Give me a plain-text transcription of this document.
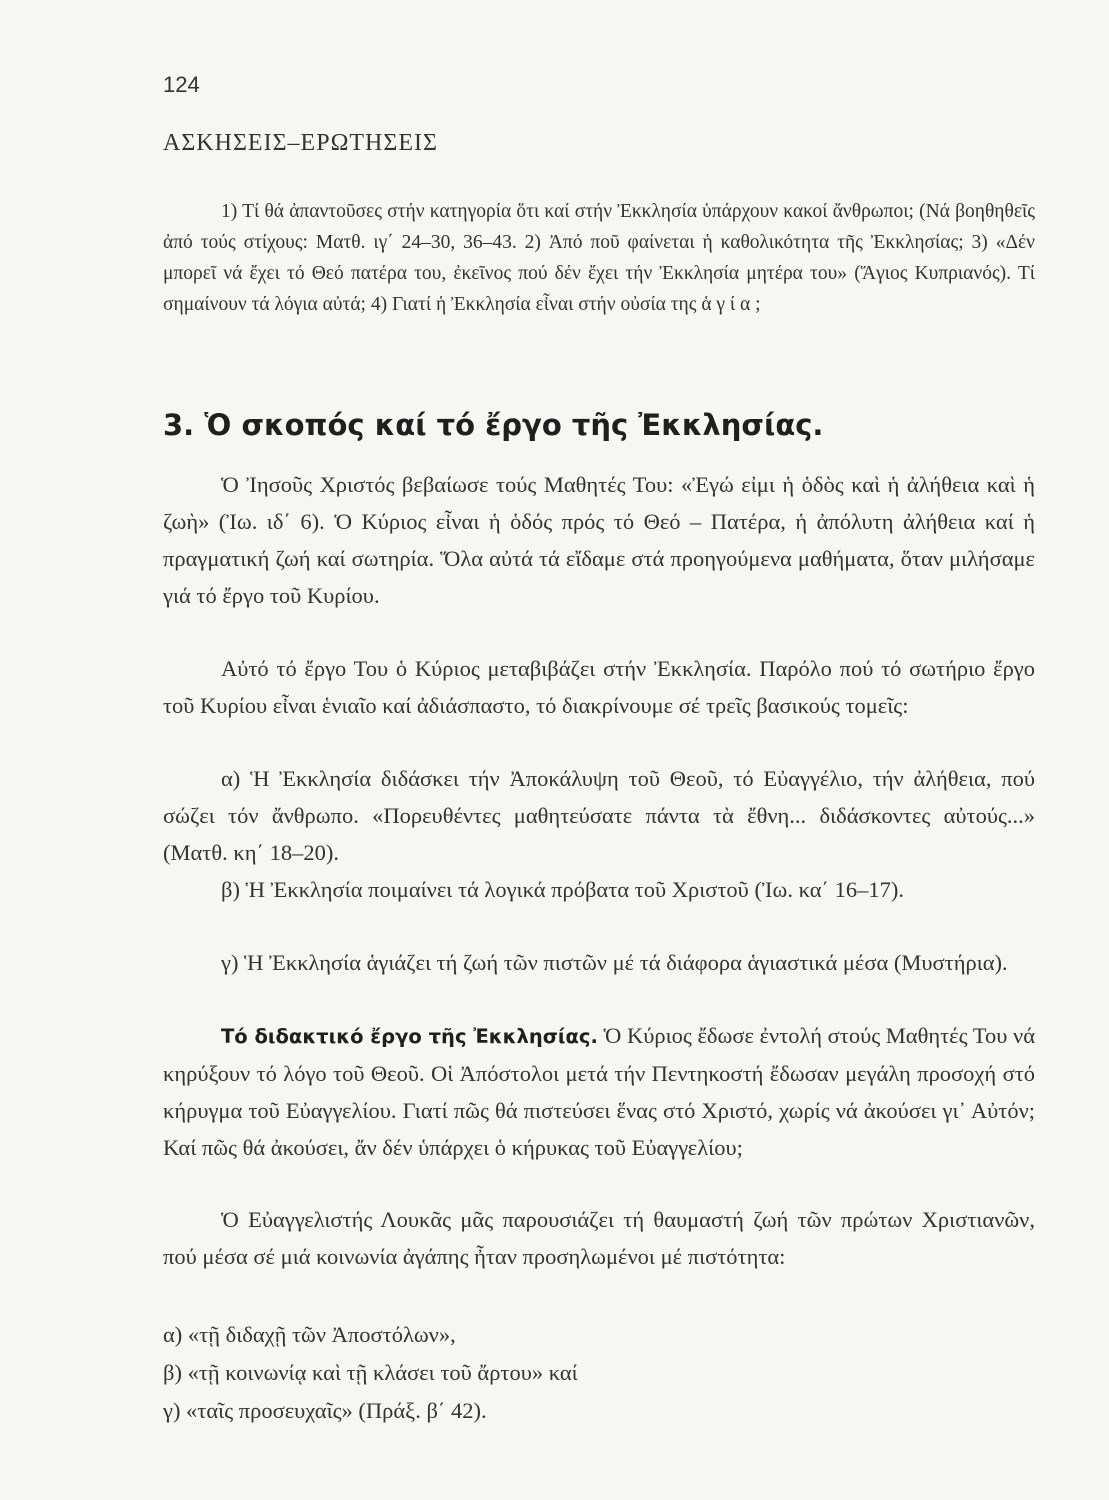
124
ΑΣΚΗΣΕΙΣ–ΕΡΩΤΗΣΕΙΣ

1) Τί θά ἀπαντοῦσες στήν κατηγορία ὅτι καί στήν Ἐκκλησία ὑπάρχουν κακοί ἄνθρωποι; (Νά βοηθηθεῖς ἀπό τούς στίχους: Ματθ. ιγ΄ 24–30, 36–43. 2) Ἀπό ποῦ φαίνεται ἡ καθολικότητα τῆς Ἐκκλησίας; 3) «Δέν μπορεῖ νά ἔχει τό Θεό πατέρα του, ἐκεῖνος πού δέν ἔχει τήν Ἐκκλησία μητέρα του» (Ἅγιος Κυπριανός). Τί σημαίνουν τά λόγια αὐτά; 4) Γιατί ἡ Ἐκκλησία εἶναι στήν οὐσία της ἁ γ ί α ;

3. Ὁ σκοπός καί τό ἔργο τῆς Ἐκκλησίας.

Ὁ Ἰησοῦς Χριστός βεβαίωσε τούς Μαθητές Του: «Ἐγώ εἰμι ἡ ὁδὸς καὶ ἡ ἀλήθεια καὶ ἡ ζωὴ» (Ἰω. ιδ΄ 6). Ὁ Κύριος εἶναι ἡ ὁδός πρός τό Θεό – Πατέρα, ἡ ἀπόλυτη ἀλήθεια καί ἡ πραγματική ζωή καί σωτηρία. Ὅλα αὐτά τά εἴδαμε στά προηγούμενα μαθήματα, ὅταν μιλήσαμε γιά τό ἔργο τοῦ Κυρίου.

Αὐτό τό ἔργο Του ὁ Κύριος μεταβιβάζει στήν Ἐκκλησία. Παρόλο πού τό σωτήριο ἔργο τοῦ Κυρίου εἶναι ἑνιαῖο καί ἀδιάσπαστο, τό διακρίνουμε σέ τρεῖς βασικούς τομεῖς:

α) Ἡ Ἐκκλησία διδάσκει τήν Ἀποκάλυψη τοῦ Θεοῦ, τό Εὐαγγέλιο, τήν ἀλήθεια, πού σώζει τόν ἄνθρωπο. «Πορευθέντες μαθητεύσατε πάντα τὰ ἔθνη... διδάσκοντες αὐτούς...» (Ματθ. κη΄ 18–20).

β) Ἡ Ἐκκλησία ποιμαίνει τά λογικά πρόβατα τοῦ Χριστοῦ (Ἰω. κα΄ 16–17).

γ) Ἡ Ἐκκλησία ἁγιάζει τή ζωή τῶν πιστῶν μέ τά διάφορα ἁγιαστικά μέσα (Μυστήρια).

Τό διδακτικό ἔργο τῆς Ἐκκλησίας. Ὁ Κύριος ἔδωσε ἐντολή στούς Μαθητές Του νά κηρύξουν τό λόγο τοῦ Θεοῦ. Οἱ Ἀπόστολοι μετά τήν Πεντηκοστή ἔδωσαν μεγάλη προσοχή στό κήρυγμα τοῦ Εὐαγγελίου. Γιατί πῶς θά πιστεύσει ἕνας στό Χριστό, χωρίς νά ἀκούσει γι᾽ Αὐτόν; Καί πῶς θά ἀκούσει, ἄν δέν ὑπάρχει ὁ κήρυκας τοῦ Εὐαγγελίου;

Ὁ Εὐαγγελιστής Λουκᾶς μᾶς παρουσιάζει τή θαυμαστή ζωή τῶν πρώτων Χριστιανῶν, πού μέσα σέ μιά κοινωνία ἀγάπης ἦταν προσηλωμένοι μέ πιστότητα:

α) «τῇ διδαχῇ τῶν Ἀποστόλων»,
β) «τῇ κοινωνίᾳ καὶ τῇ κλάσει τοῦ ἄρτου» καί
γ) «ταῖς προσευχαῖς» (Πράξ. β΄ 42).
